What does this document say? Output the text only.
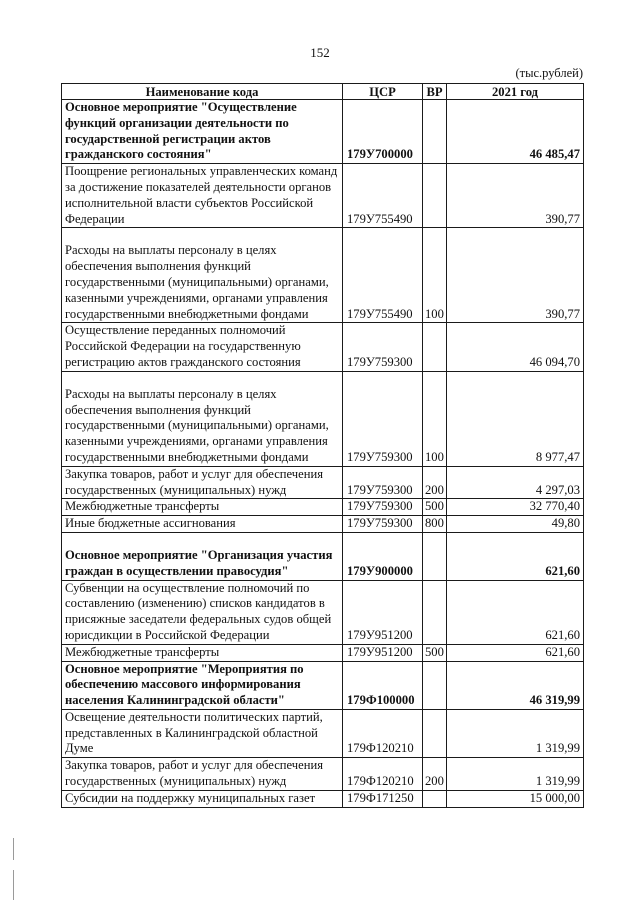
152
(тыс.рублей)
Наименование кода	ЦСР	ВР	2021 год
Основное мероприятие "Осуществление функций организации деятельности по государственной регистрации актов гражданского состояния"	179У700000		46 485,47
Поощрение региональных управленческих команд за достижение показателей деятельности органов исполнительной власти субъектов Российской Федерации	179У755490		390,77
Расходы на выплаты персоналу в целях обеспечения выполнения функций государственными (муниципальными) органами, казенными учреждениями, органами управления государственными внебюджетными фондами	179У755490	100	390,77
Осуществление переданных полномочий Российской Федерации на государственную регистрацию актов гражданского состояния	179У759300		46 094,70
Расходы на выплаты персоналу в целях обеспечения выполнения функций государственными (муниципальными) органами, казенными учреждениями, органами управления государственными внебюджетными фондами	179У759300	100	8 977,47
Закупка товаров, работ и услуг для обеспечения государственных (муниципальных) нужд	179У759300	200	4 297,03
Межбюджетные трансферты	179У759300	500	32 770,40
Иные бюджетные ассигнования	179У759300	800	49,80
Основное мероприятие "Организация участия граждан в осуществлении правосудия"	179У900000		621,60
Субвенции на осуществление полномочий по составлению (изменению) списков кандидатов в присяжные заседатели федеральных судов общей юрисдикции в Российской Федерации	179У951200		621,60
Межбюджетные трансферты	179У951200	500	621,60
Основное мероприятие "Мероприятия по обеспечению массового информирования населения Калининградской области"	179Ф100000		46 319,99
Освещение деятельности политических партий, представленных в Калининградской областной Думе	179Ф120210		1 319,99
Закупка товаров, работ и услуг для обеспечения государственных (муниципальных) нужд	179Ф120210	200	1 319,99
Субсидии на поддержку муниципальных газет	179Ф171250		15 000,00
